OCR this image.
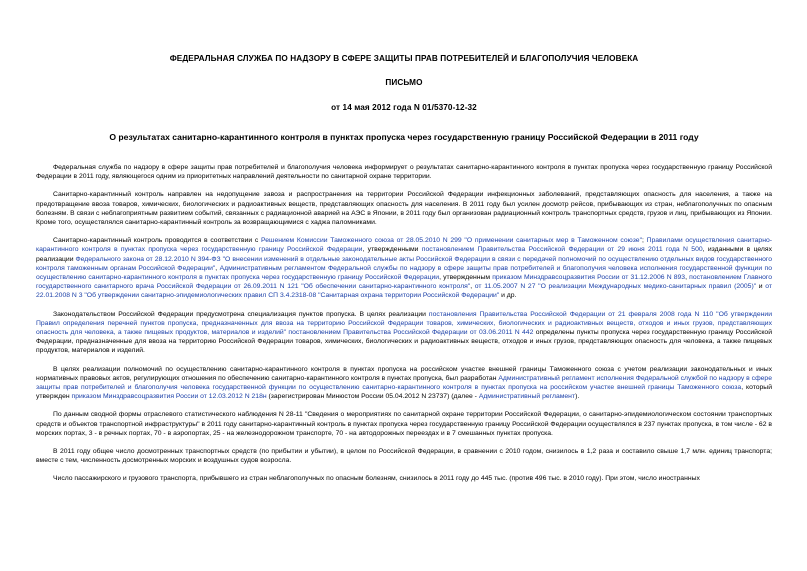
ФЕДЕРАЛЬНАЯ СЛУЖБА ПО НАДЗОРУ В СФЕРЕ ЗАЩИТЫ ПРАВ ПОТРЕБИТЕЛЕЙ И БЛАГОПОЛУЧИЯ ЧЕЛОВЕКА
ПИСЬМО
от 14 мая 2012 года N 01/5370-12-32
О результатах санитарно-карантинного контроля в пунктах пропуска через государственную границу Российской Федерации в 2011 году

Федеральная служба по надзору в сфере защиты прав потребителей и благополучия человека информирует о результатах санитарно-карантинного контроля в пунктах пропуска через государственную границу Российской Федерации в 2011 году, являющегося одним из приоритетных направлений деятельности по санитарной охране территории.

Санитарно-карантинный контроль направлен на недопущение завоза и распространения на территории Российской Федерации инфекционных заболеваний, представляющих опасность для населения, а также на предотвращение ввоза товаров, химических, биологических и радиоактивных веществ, представляющих опасность для населения. В 2011 году был усилен досмотр рейсов, прибывающих из стран, неблагополучных по опасным болезням. В связи с неблагоприятным развитием событий, связанных с радиационной аварией на АЭС в Японии, в 2011 году был организован радиационный контроль транспортных средств, грузов и лиц, прибывающих из Японии. Кроме того, осуществлялся санитарно-карантинный контроль за возвращающимися с хаджа паломниками.

Санитарно-карантинный контроль проводится в соответствии с Решением Комиссии Таможенного союза от 28.05.2010 N 299 "О применении санитарных мер в Таможенном союзе"; Правилами осуществления санитарно-карантинного контроля в пунктах пропуска через государственную границу Российской Федерации, утвержденными постановлением Правительства Российской Федерации от 29 июня 2011 года N 500, изданными в целях реализации Федерального закона от 28.12.2010 N 394-ФЗ "О внесении изменений в отдельные законодательные акты Российской Федерации в связи с передачей полномочий по осуществлению отдельных видов государственного контроля таможенным органам Российской Федерации", Административным регламентом Федеральной службы по надзору в сфере защиты прав потребителей и благополучия человека исполнения государственной функции по осуществлению санитарно-карантинного контроля в пунктах пропуска через государственную границу Российской Федерации, утвержденным приказом Минздравсоцразвития России от 31.12.2006 N 893, постановлением Главного государственного санитарного врача Российской Федерации от 26.09.2011 N 121 "Об обеспечении санитарно-карантинного контроля", от 11.05.2007 N 27 "О реализации Международных медико-санитарных правил (2005)" и от 22.01.2008 N 3 "Об утверждении санитарно-эпидемиологических правил СП 3.4.2318-08 "Санитарная охрана территории Российской Федерации" и др.

Законодательством Российской Федерации предусмотрена специализация пунктов пропуска. В целях реализации постановления Правительства Российской Федерации от 21 февраля 2008 года N 110 "Об утверждении Правил определения перечней пунктов пропуска, предназначенных для ввоза на территорию Российской Федерации товаров, химических, биологических и радиоактивных веществ, отходов и иных грузов, представляющих опасность для человека, а также пищевых продуктов, материалов и изделий" постановлением Правительства Российской Федерации от 03.06.2011 N 442 определены пункты пропуска через государственную границу Российской Федерации, предназначенные для ввоза на территорию Российской Федерации товаров, химических, биологических и радиоактивных веществ, отходов и иных грузов, представляющих опасность для человека, а также пищевых продуктов, материалов и изделий.

В целях реализации полномочий по осуществлению санитарно-карантинного контроля в пунктах пропуска на российском участке внешней границы Таможенного союза с учетом реализации законодательных и иных нормативных правовых актов, регулирующих отношения по обеспечению санитарно-карантинного контроля в пунктах пропуска, был разработан Административный регламент исполнения Федеральной службой по надзору в сфере защиты прав потребителей и благополучия человека государственной функции по осуществлению санитарно-карантинного контроля в пунктах пропуска на российском участке внешней границы Таможенного союза, который утвержден приказом Минздравсоцразвития России от 12.03.2012 N 218н (зарегистрирован Минюстом России 05.04.2012 N 23737) (далее - Административный регламент).

По данным сводной формы отраслевого статистического наблюдения N 28-11 "Сведения о мероприятиях по санитарной охране территории Российской Федерации, о санитарно-эпидемиологическом состоянии транспортных средств и объектов транспортной инфраструктуры" в 2011 году санитарно-карантинный контроль в пунктах пропуска через государственную границу Российской Федерации осуществлялся в 237 пунктах пропуска, в том числе - 62 в морских портах, 3 - в речных портах, 70 - в аэропортах, 25 - на железнодорожном транспорте, 70 - на автодорожных переездах и в 7 смешанных пунктах пропуска.

В 2011 году общее число досмотренных транспортных средств (по прибытии и убытии), в целом по Российской Федерации, в сравнении с 2010 годом, снизилось в 1,2 раза и составило свыше 1,7 млн. единиц транспорта; вместе с тем, численность досмотренных морских и воздушных судов возросла.

Число пассажирского и грузового транспорта, прибывшего из стран неблагополучных по опасным болезням, снизилось в 2011 году до 445 тыс. (против 496 тыс. в 2010 году). При этом, число иностранных
